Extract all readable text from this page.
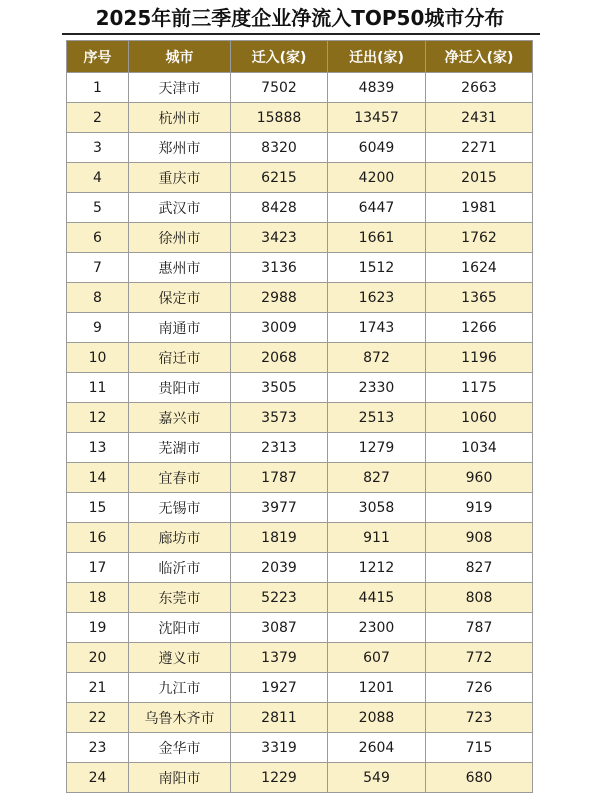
2025年前三季度企业净流入TOP50城市分布
序号	城市	迁入(家)	迁出(家)	净迁入(家)
1	天津市	7502	4839	2663
2	杭州市	15888	13457	2431
3	郑州市	8320	6049	2271
4	重庆市	6215	4200	2015
5	武汉市	8428	6447	1981
6	徐州市	3423	1661	1762
7	惠州市	3136	1512	1624
8	保定市	2988	1623	1365
9	南通市	3009	1743	1266
10	宿迁市	2068	872	1196
11	贵阳市	3505	2330	1175
12	嘉兴市	3573	2513	1060
13	芜湖市	2313	1279	1034
14	宜春市	1787	827	960
15	无锡市	3977	3058	919
16	廊坊市	1819	911	908
17	临沂市	2039	1212	827
18	东莞市	5223	4415	808
19	沈阳市	3087	2300	787
20	遵义市	1379	607	772
21	九江市	1927	1201	726
22	乌鲁木齐市	2811	2088	723
23	金华市	3319	2604	715
24	南阳市	1229	549	680
